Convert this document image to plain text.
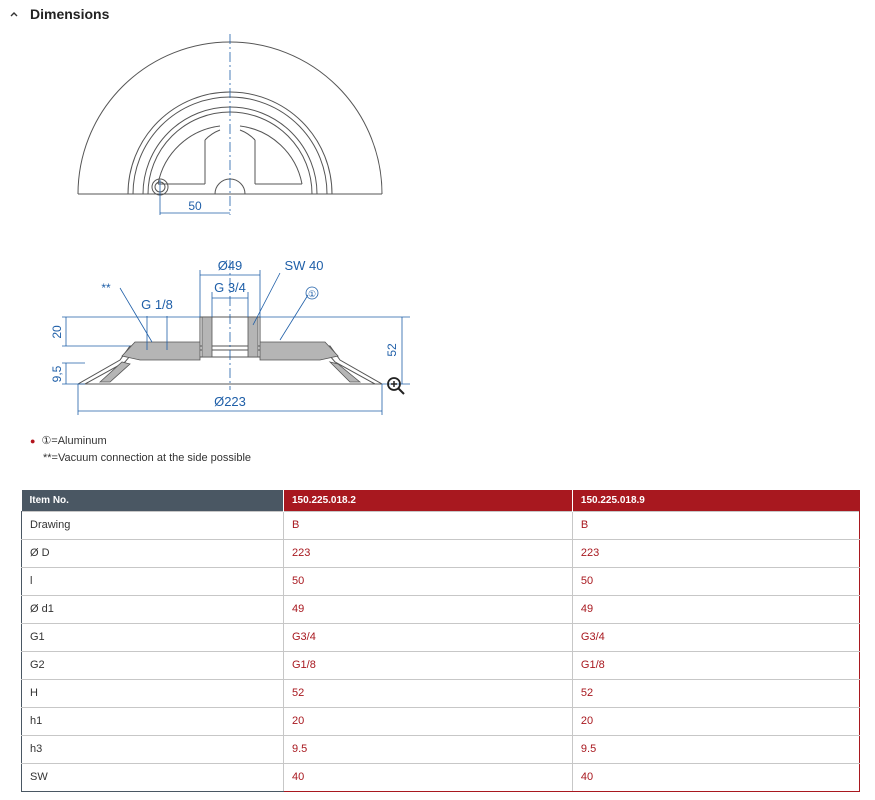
Dimensions
50
Ø49	SW 40
G 3/4
G 1/8
**	①
20
52
9,5
Ø223
● ①=Aluminum
**=Vacuum connection at the side possible
Item No.	150.225.018.2	150.225.018.9
Drawing	B	B
Ø D	223	223
l	50	50
Ø d1	49	49
G1	G3/4	G3/4
G2	G1/8	G1/8
H	52	52
h1	20	20
h3	9.5	9.5
SW	40	40
